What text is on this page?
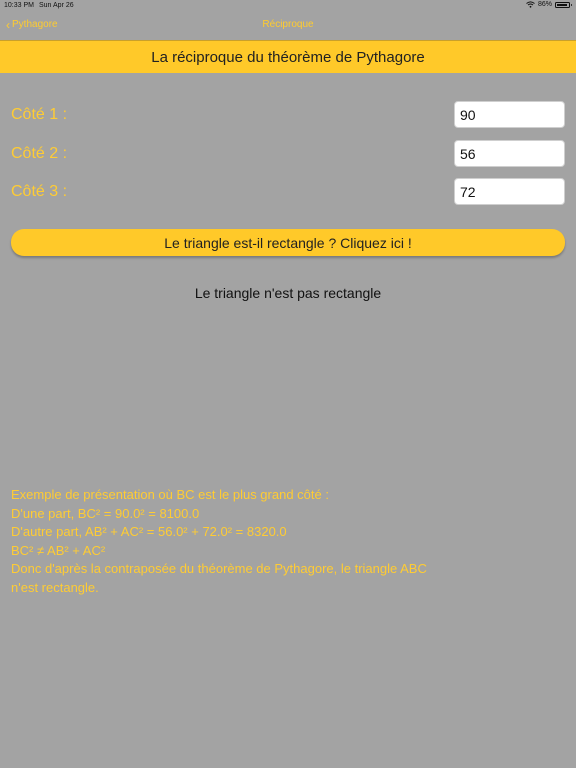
10:33 PM Sun Apr 26	86%
‹ Pythagore	Réciproque
La réciproque du théorème de Pythagore
Côté 1 :
90
Côté 2 :
56
Côté 3 :
72
Le triangle est-il rectangle ? Cliquez ici !
Le triangle n'est pas rectangle
Exemple de présentation où BC est le plus grand côté :
D'une part, BC² = 90.0² = 8100.0
D'autre part, AB² + AC² = 56.0² + 72.0² = 8320.0
BC² ≠ AB² + AC²
Donc d'après la contraposée du théorème de Pythagore, le triangle ABC
n'est rectangle.
